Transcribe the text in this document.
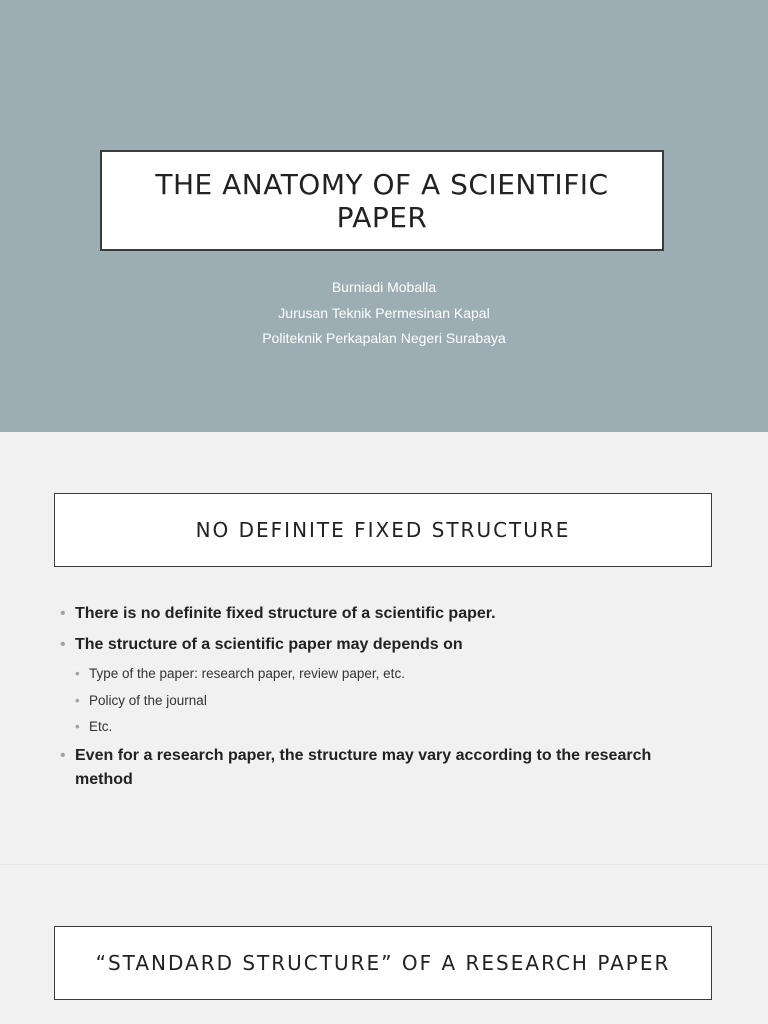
THE ANATOMY OF A SCIENTIFIC PAPER
Burniadi Moballa
Jurusan Teknik Permesinan Kapal
Politeknik Perkapalan Negeri Surabaya
NO DEFINITE FIXED STRUCTURE
• There is no definite fixed structure of a scientific paper.
• The structure of a scientific paper may depends on
• Type of the paper: research paper, review paper, etc.
• Policy of the journal
• Etc.
• Even for a research paper, the structure may vary according to the research method
“STANDARD STRUCTURE” OF A RESEARCH PAPER
